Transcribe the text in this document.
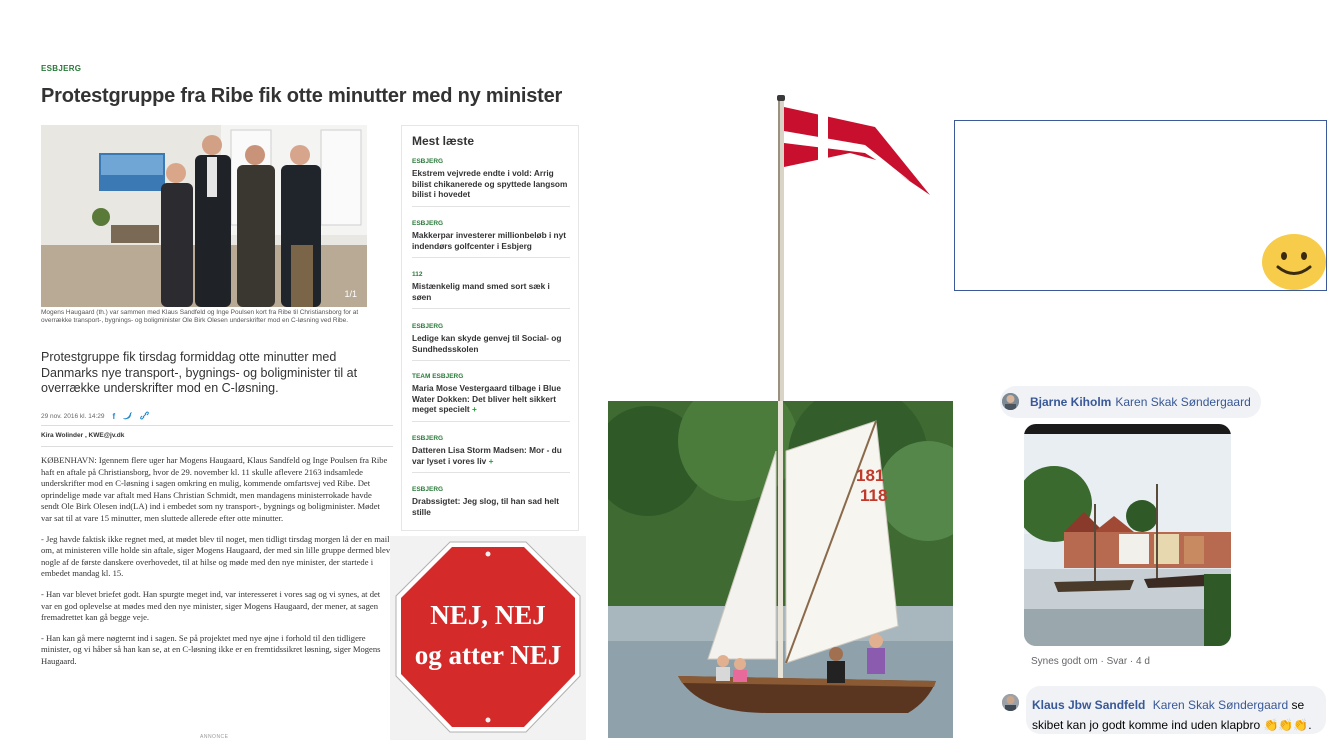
ESBJERG
Protestgruppe fra Ribe fik otte minutter med ny minister
1/1
Mogens Haugaard (th.) var sammen med Klaus Sandfeld og Inge Poulsen kort fra Ribe til Christiansborg for at overrække transport-, bygnings- og boligminister Ole Birk Olesen underskrifter mod en C-løsning ved Ribe.
Protestgruppe fik tirsdag formiddag otte minutter med Danmarks nye transport-, bygnings- og boligminister til at overrække underskrifter mod en C-løsning.
29 nov. 2016 kl. 14:29 f
Kira Wolinder , KWE@jv.dk

KØBENHAVN: Igennem flere uger har Mogens Haugaard, Klaus Sandfeld og Inge Poulsen fra Ribe haft en aftale på Christiansborg, hvor de 29. november kl. 11 skulle aflevere 2163 indsamlede underskrifter mod en C-løsning i sagen omkring en mulig, kommende omfartsvej ved Ribe. Det oprindelige møde var aftalt med Hans Christian Schmidt, men mandagens ministerrokade havde sendt Ole Birk Olesen ind(LA) ind i embedet som ny transport-, bygnings og boligminister. Mødet var sat til at vare 15 minutter, men sluttede allerede efter otte minutter.

- Jeg havde faktisk ikke regnet med, at mødet blev til noget, men tidligt tirsdag morgen lå der en mail om, at ministeren ville holde sin aftale, siger Mogens Haugaard, der med sin lille gruppe dermed blev nogle af de første danskere overhovedet, til at hilse og møde med den nye minister, der startede i embedet mandag kl. 15.

- Han var blevet briefet godt. Han spurgte meget ind, var interesseret i vores sag og vi synes, at det var en god oplevelse at mødes med den nye minister, siger Mogens Haugaard, der mener, at sagen fremadrettet kan gå begge veje.

- Han kan gå mere nøgternt ind i sagen. Se på projektet med nye øjne i forhold til den tidligere minister, og vi håber så han kan se, at en C-løsning ikke er en fremtidssikret løsning, siger Mogens Haugaard.

ANNONCE
Mest læste
ESBJERG
Ekstrem vejvrede endte i vold: Arrig bilist chikanerede og spyttede langsom bilist i hovedet
ESBJERG
Makkerpar investerer millionbeløb i nyt indendørs golfcenter i Esbjerg
112
Mistænkelig mand smed sort sæk i søen
ESBJERG
Ledige kan skyde genvej til Social- og Sundhedsskolen
TEAM ESBJERG
Maria Mose Vestergaard tilbage i Blue Water Dokken: Det bliver helt sikkert meget specielt +
ESBJERG
Datteren Lisa Storm Madsen: Mor - du var lyset i vores liv +
ESBJERG
Drabssigtet: Jeg slog, til han sad helt stille
NEJ, NEJ
og atter NEJ
181
118
Bjarne Kiholm Karen Skak Søndergaard
Synes godt om · Svar · 4 d
Klaus Jbw Sandfeld Karen Skak Søndergaard se skibet kan jo godt komme ind uden klapbro 👏👏👏.
